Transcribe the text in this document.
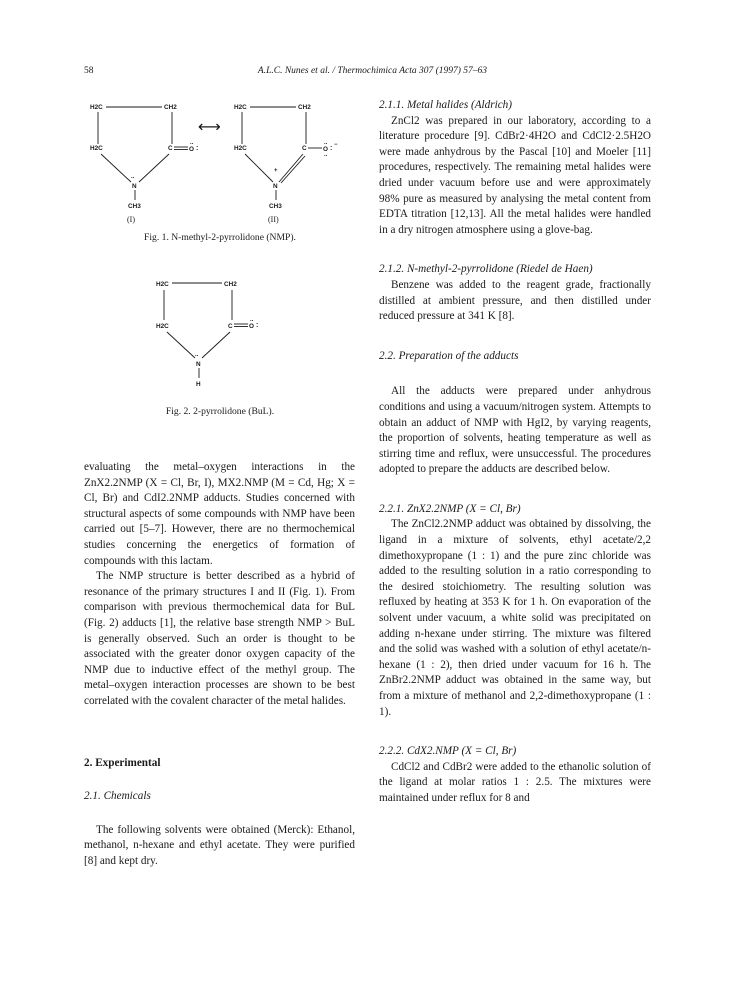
58	A.L.C. Nunes et al. / Thermochimica Acta 307 (1997) 57–63
H2C	CH2
H2C	C	O
..
:
..
N
CH3
(I)
⟷
H2C	CH2
H2C	C	O
..
..
: −
+
N
CH3
(II)
Fig. 1. N-methyl-2-pyrrolidone (NMP).
H2C	CH2
H2C	C	O
..
:
..
N
H
Fig. 2. 2-pyrrolidone (BuL).

evaluating the metal–oxygen interactions in the ZnX2.2NMP (X = Cl, Br, I), MX2.NMP (M = Cd, Hg; X = Cl, Br) and CdI2.2NMP adducts. Studies concerned with structural aspects of some compounds with NMP have been carried out [5–7]. However, there are no thermochemical studies concerning the energetics of formation of compounds with this lactam.

The NMP structure is better described as a hybrid of resonance of the primary structures I and II (Fig. 1). From comparison with previous thermochemical data for BuL (Fig. 2) adducts [1], the relative base strength NMP > BuL is generally observed. Such an order is thought to be associated with the greater donor oxygen capacity of the NMP due to inductive effect of the methyl group. The metal–oxygen interaction processes are shown to be best correlated with the covalent character of the metal halides.

2. Experimental

2.1. Chemicals

The following solvents were obtained (Merck): Ethanol, methanol, n-hexane and ethyl acetate. They were purified [8] and kept dry.

2.1.1. Metal halides (Aldrich)

ZnCl2 was prepared in our laboratory, according to a literature procedure [9]. CdBr2·4H2O and CdCl2·2.5H2O were made anhydrous by the Pascal [10] and Moeler [11] procedures, respectively. The remaining metal halides were dried under vacuum before use and were approximately 98% pure as measured by analysing the metal content from EDTA titration [12,13]. All the metal halides were handled in a dry nitrogen atmosphere using a glove-bag.

2.1.2. N-methyl-2-pyrrolidone (Riedel de Haen)

Benzene was added to the reagent grade, fractionally distilled at ambient pressure, and then distilled under reduced pressure at 341 K [8].

2.2. Preparation of the adducts

All the adducts were prepared under anhydrous conditions and using a vacuum/nitrogen system. Attempts to obtain an adduct of NMP with HgI2, by varying reagents, the proportion of solvents, heating temperature as well as stirring time and reflux, were unsuccessful. The procedures adopted to prepare the adducts are described below.

2.2.1. ZnX2.2NMP (X = Cl, Br)

The ZnCl2.2NMP adduct was obtained by dissolving, the ligand in a mixture of solvents, ethyl acetate/2,2 dimethoxypropane (1 : 1) and the pure zinc chloride was added to the resulting solution in a ratio corresponding to the desired stoichiometry. The resulting solution was refluxed by heating at 353 K for 1 h. On evaporation of the solvent under vacuum, a white solid was precipitated on adding n-hexane under stirring. The mixture was filtered and the solid was washed with a solution of ethyl acetate/n-hexane (1 : 2), then dried under vacuum for 16 h. The ZnBr2.2NMP adduct was obtained in the same way, but from a mixture of methanol and 2,2-dimethoxypropane (1 : 1).

2.2.2. CdX2.NMP (X = Cl, Br)

CdCl2 and CdBr2 were added to the ethanolic solution of the ligand at molar ratios 1 : 2.5. The mixtures were maintained under reflux for 8 and
